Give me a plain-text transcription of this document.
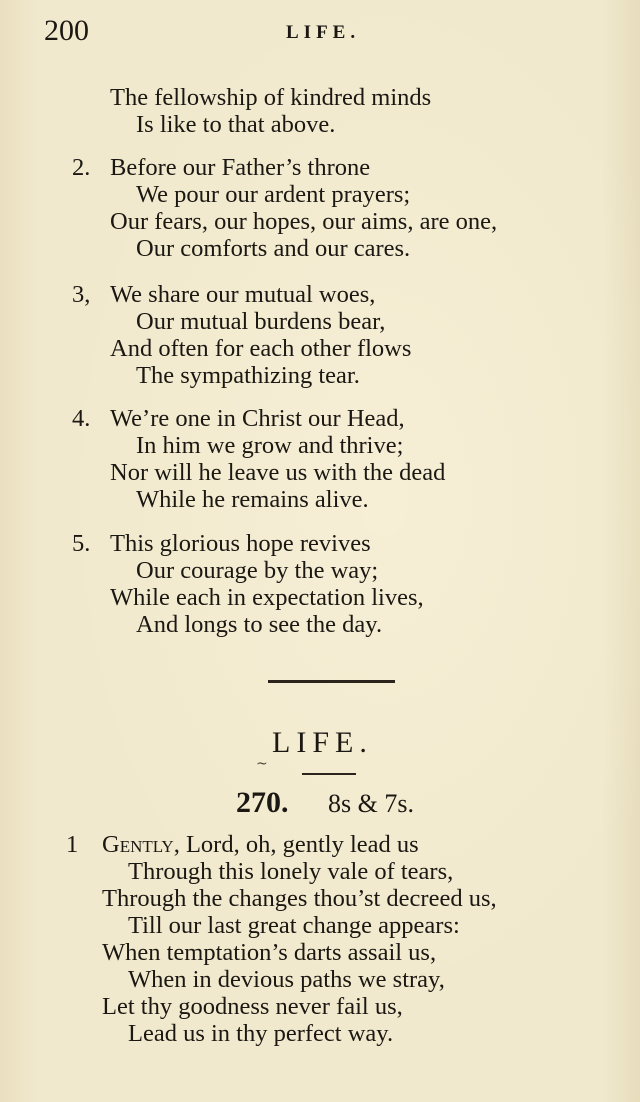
200	LIFE.
The fellowship of kindred minds
Is like to that above.
2. Before our Father’s throne
We pour our ardent prayers;
Our fears, our hopes, our aims, are one,
Our comforts and our cares.
3, We share our mutual woes,
Our mutual burdens bear,
And often for each other flows
The sympathizing tear.
4. We’re one in Christ our Head,
In him we grow and thrive;
Nor will he leave us with the dead
While he remains alive.
5. This glorious hope revives
Our courage by the way;
While each in expectation lives,
And longs to see the day.
LIFE.
~
270. 8s & 7s.
1 Gently, Lord, oh, gently lead us
Through this lonely vale of tears,
Through the changes thou’st decreed us,
Till our last great change appears:
When temptation’s darts assail us,
When in devious paths we stray,
Let thy goodness never fail us,
Lead us in thy perfect way.
